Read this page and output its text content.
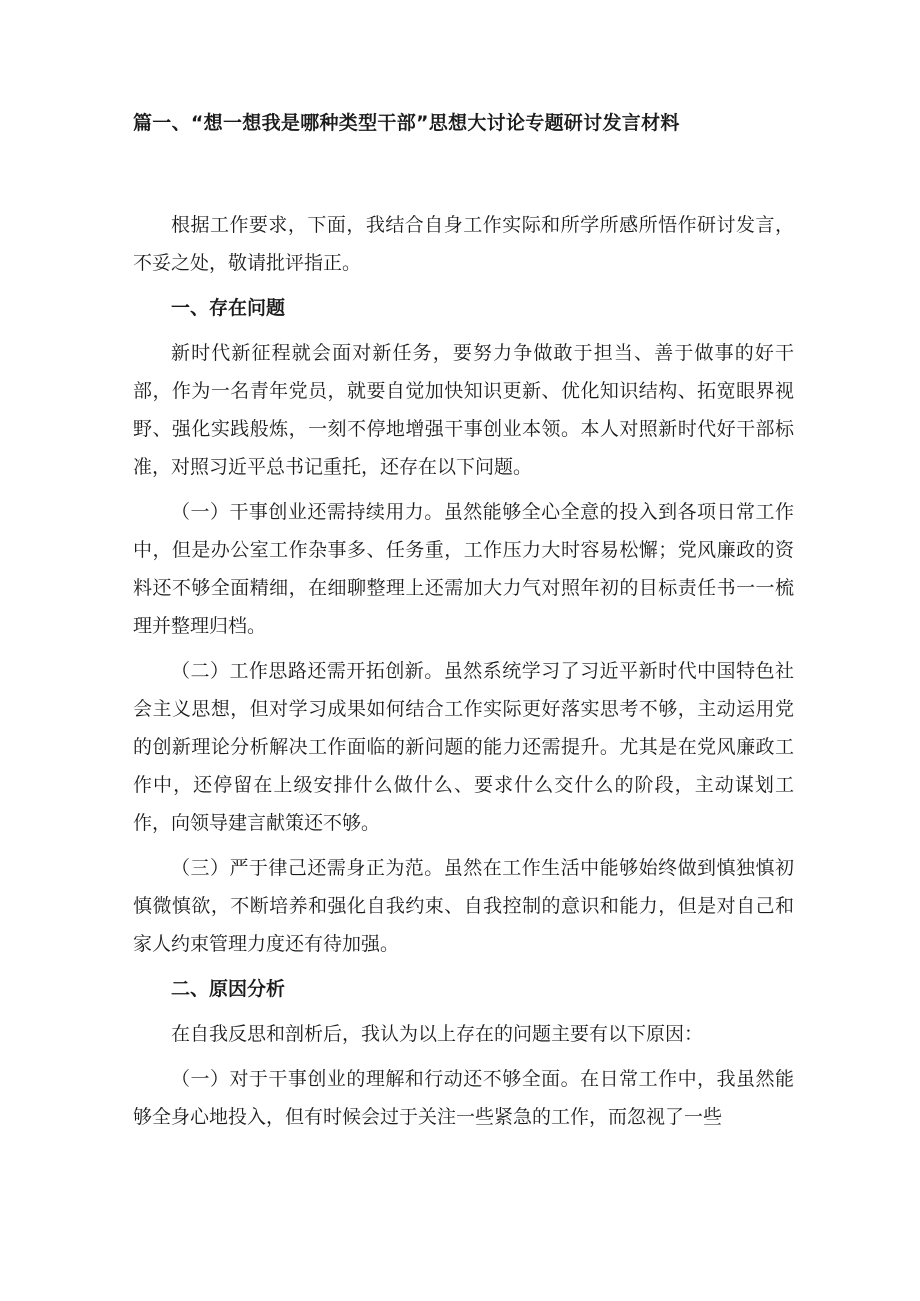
篇一、“想一想我是哪种类型干部”思想大讨论专题研讨发言材料

根据工作要求，下面，我结合自身工作实际和所学所感所悟作研讨发言，不妥之处，敬请批评指正。

一、存在问题

新时代新征程就会面对新任务，要努力争做敢于担当、善于做事的好干部，作为一名青年党员，就要自觉加快知识更新、优化知识结构、拓宽眼界视野、强化实践般炼，一刻不停地增强干事创业本领。本人对照新时代好干部标准，对照习近平总书记重托，还存在以下问题。

（一）干事创业还需持续用力。虽然能够全心全意的投入到各项日常工作中，但是办公室工作杂事多、任务重，工作压力大时容易松懈；党风廉政的资料还不够全面精细，在细聊整理上还需加大力气对照年初的目标责任书一一梳理并整理归档。

（二）工作思路还需开拓创新。虽然系统学习了习近平新时代中国特色社会主义思想，但对学习成果如何结合工作实际更好落实思考不够，主动运用党的创新理论分析解决工作面临的新问题的能力还需提升。尤其是在党风廉政工作中，还停留在上级安排什么做什么、要求什么交什么的阶段，主动谋划工作，向领导建言献策还不够。

（三）严于律己还需身正为范。虽然在工作生活中能够始终做到慎独慎初慎微慎欲，不断培养和强化自我约束、自我控制的意识和能力，但是对自己和家人约束管理力度还有待加强。

二、原因分析

在自我反思和剖析后，我认为以上存在的问题主要有以下原因：

（一）对于干事创业的理解和行动还不够全面。在日常工作中，我虽然能够全身心地投入，但有时候会过于关注一些紧急的工作，而忽视了一些
